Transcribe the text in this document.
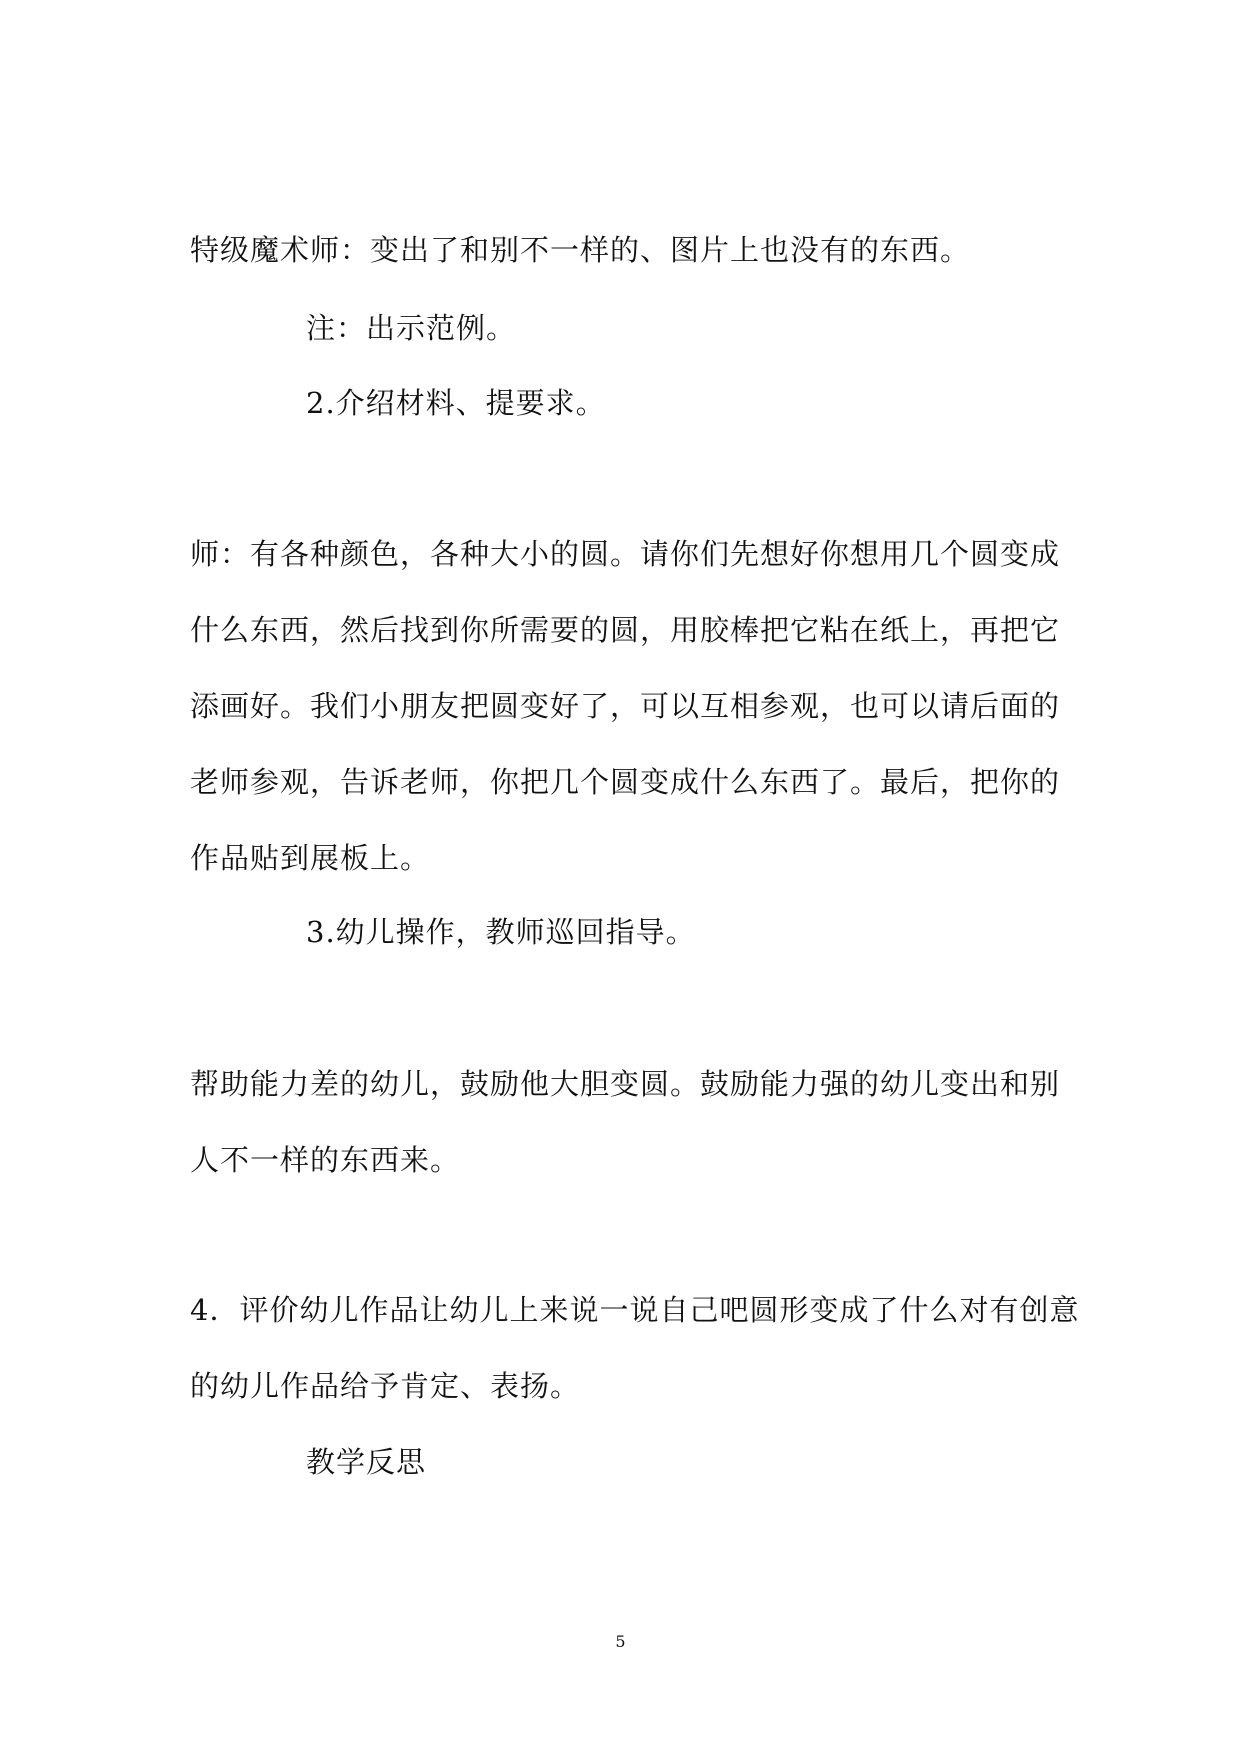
特级魔术师：变出了和别不一样的、图片上也没有的东西。
注：出示范例。
2.介绍材料、提要求。
师：有各种颜色，各种大小的圆。请你们先想好你想用几个圆变成
什么东西，然后找到你所需要的圆，用胶棒把它粘在纸上，再把它
添画好。我们小朋友把圆变好了，可以互相参观，也可以请后面的
老师参观，告诉老师，你把几个圆变成什么东西了。最后，把你的
作品贴到展板上。
3.幼儿操作，教师巡回指导。
帮助能力差的幼儿，鼓励他大胆变圆。鼓励能力强的幼儿变出和别
人不一样的东西来。
4．评价幼儿作品让幼儿上来说一说自己吧圆形变成了什么对有创意
的幼儿作品给予肯定、表扬。
教学反思
5
